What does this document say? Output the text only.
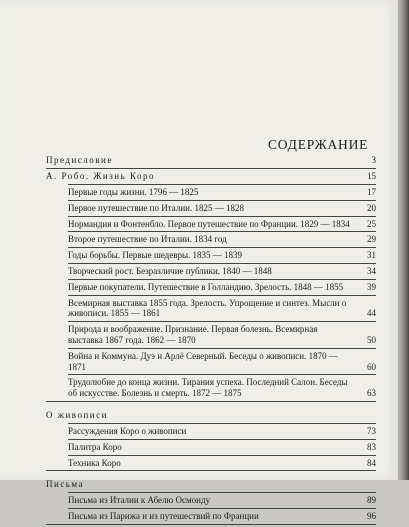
СОДЕРЖАНИЕ
Предисловие	3
А. Робо. Жизнь Коро	15
Первые годы жизни. 1796 — 1825	17
Первое путешествие по Италии. 1825 — 1828	20
Нормандия и Фонтенбло. Первое путешествие по Франции. 1829 — 1834	25
Второе путешествие по Италии. 1834 год	29
Годы борьбы. Первые шедевры. 1835 — 1839	31
Творческий рост. Безразличие публики. 1840 — 1848	34
Первые покупатели. Путешествие в Голландию. Зрелость. 1848 — 1855	39
Всемирная выставка 1855 года. Зрелость. Упрощение и синтез. Мысли о живописи. 1855 — 1861	44
Природа и воображение. Признание. Первая болезнь. Всемирная выставка 1867 года. 1862 — 1870	50
Война и Коммуна. Дуэ и Арлё Северный. Беседы о живописи. 1870 — 1871	60
Трудолюбие до конца жизни. Тирания успеха. Последний Салон. Беседы об искусстве. Болезнь и смерть. 1872 — 1875	63
О живописи
Рассуждения Коро о живописи	73
Палитра Коро	83
Техника Коро	84
Письма
Письма из Италии к Абелю Осмонду	89
Письма из Парижа и из путешествий по Франции	96
